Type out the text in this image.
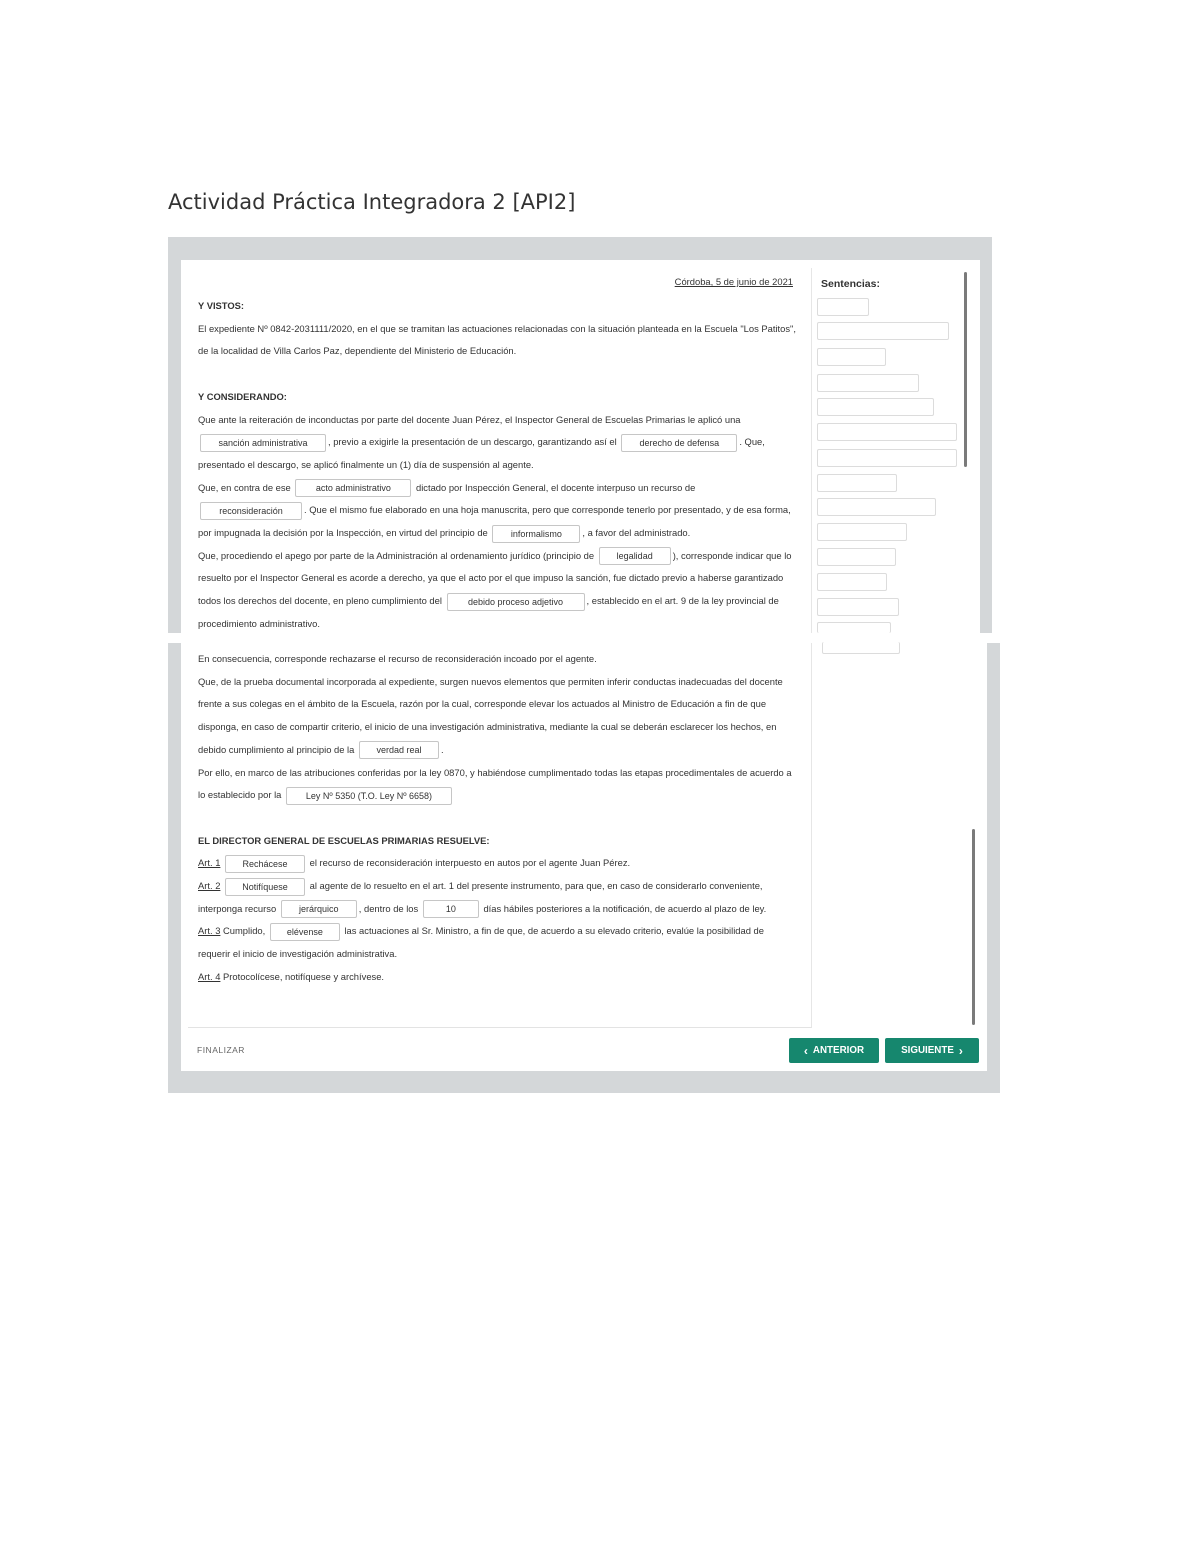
Actividad Práctica Integradora 2 [API2]
Córdoba, 5 de junio de 2021

Y VISTOS:
El expediente Nº 0842-2031111/2020, en el que se tramitan las actuaciones relacionadas con la situación planteada en la Escuela "Los Patitos", de la localidad de Villa Carlos Paz, dependiente del Ministerio de Educación.

Y CONSIDERANDO:
Que ante la reiteración de inconductas por parte del docente Juan Pérez, el Inspector General de Escuelas Primarias le aplicó una sanción administrativa , previo a exigirle la presentación de un descargo, garantizando así el	derecho de defensa . Que, presentado el descargo, se aplicó finalmente un (1) día de suspensión al agente.
Que, en contra de ese	acto administrativo	dictado por Inspección General, el docente interpuso un recurso de reconsideración . Que el mismo fue elaborado en una hoja manuscrita, pero que corresponde tenerlo por presentado, y de esa forma, por impugnada la decisión por la Inspección, en virtud del principio de	informalismo , a favor del administrado.
Que, procediendo el apego por parte de la Administración al ordenamiento jurídico (principio de	legalidad ), corresponde indicar que lo resuelto por el Inspector General es acorde a derecho, ya que el acto por el que impuso la sanción, fue dictado previo a haberse garantizado todos los derechos del docente, en pleno cumplimiento del	debido proceso adjetivo , establecido en el art. 9 de la ley provincial de procedimiento administrativo.

Sentencias:

En consecuencia, corresponde rechazarse el recurso de reconsideración incoado por el agente.
Que, de la prueba documental incorporada al expediente, surgen nuevos elementos que permiten inferir conductas inadecuadas del docente frente a sus colegas en el ámbito de la Escuela, razón por la cual, corresponde elevar los actuados al Ministro de Educación a fin de que disponga, en caso de compartir criterio, el inicio de una investigación administrativa, mediante la cual se deberán esclarecer los hechos, en debido cumplimiento al principio de la verdad real .
Por ello, en marco de las atribuciones conferidas por la ley 0870, y habiéndose cumplimentado todas las etapas procedimentales de acuerdo a lo establecido por la	Ley Nº 5350 (T.O. Ley Nº 6658)

EL DIRECTOR GENERAL DE ESCUELAS PRIMARIAS RESUELVE:
Art. 1 Rechácese el recurso de reconsideración interpuesto en autos por el agente Juan Pérez.
Art. 2 Notifíquese al agente de lo resuelto en el art. 1 del presente instrumento, para que, en caso de considerarlo conveniente, interponga recurso	jerárquico , dentro de los	10	días hábiles posteriores a la notificación, de acuerdo al plazo de ley.
Art. 3 Cumplido, elévense las actuaciones al Sr. Ministro, a fin de que, de acuerdo a su elevado criterio, evalúe la posibilidad de requerir el inicio de investigación administrativa.
Art. 4 Protocolícese, notifíquese y archívese.

FINALIZAR	‹ ANTERIOR	SIGUIENTE ›
